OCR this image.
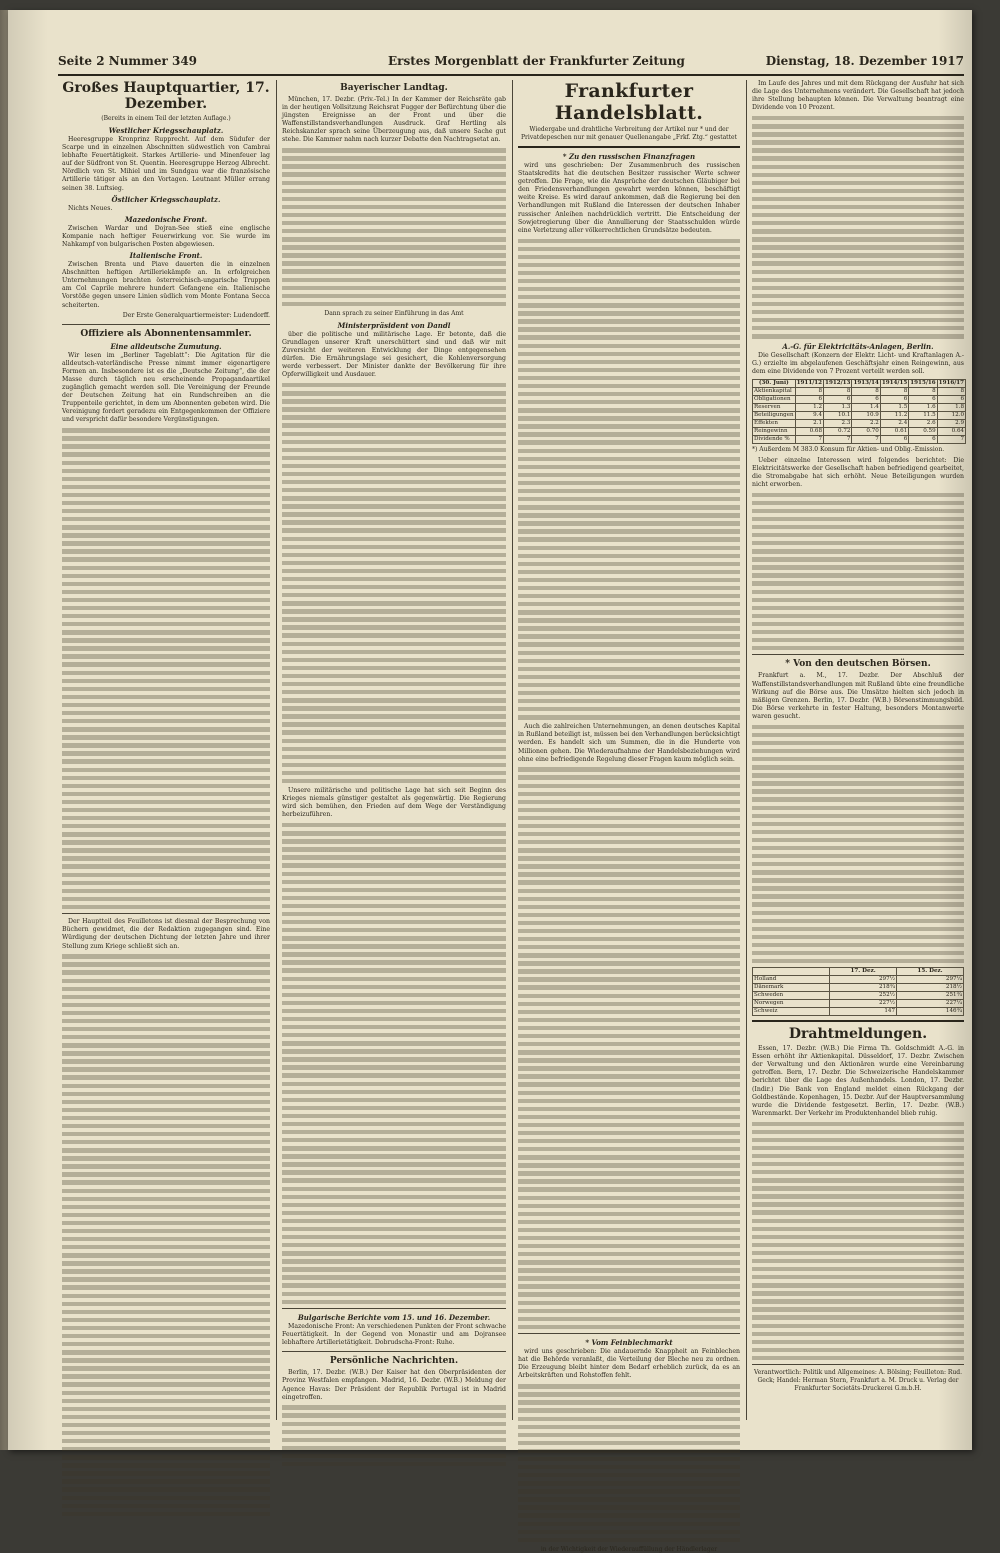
Seite 2 Nummer 349	Erstes Morgenblatt der Frankfurter Zeitung	Dienstag, 18. Dezember 1917
Großes Hauptquartier, 17. Dezember.
(Bereits in einem Teil der letzten Auflage.)
Westlicher Kriegsschauplatz.

Heeresgruppe Kronprinz Rupprecht. Auf dem Südufer der Scarpe und in einzelnen Abschnitten südwestlich von Cambrai lebhafte Feuertätigkeit. Starkes Artillerie- und Minenfeuer lag auf der Südfront von St. Quentin. Heeresgruppe Herzog Albrecht. Nördlich von St. Mihiel und im Sundgau war die französische Artillerie tätiger als an den Vortagen. Leutnant Müller errang seinen 38. Luftsieg.

Östlicher Kriegsschauplatz.

Nichts Neues.

Mazedonische Front.

Zwischen Wardar und Dojran-See stieß eine englische Kompanie nach heftiger Feuerwirkung vor. Sie wurde im Nahkampf von bulgarischen Posten abgewiesen.

Italienische Front.

Zwischen Brenta und Piave dauerten die in einzelnen Abschnitten heftigen Artilleriekämpfe an. In erfolgreichen Unternehmungen brachten österreichisch-ungarische Truppen am Col Caprile mehrere hundert Gefangene ein. Italienische Vorstöße gegen unsere Linien südlich vom Monte Fontana Secca scheiterten.

Der Erste Generalquartiermeister: Ludendorff.

Offiziere als Abonnentensammler.
Eine alldeutsche Zumutung.

Wir lesen im „Berliner Tageblatt“: Die Agitation für die alldeutsch-vaterländische Presse nimmt immer eigenartigere Formen an. Insbesondere ist es die „Deutsche Zeitung“, die der Masse durch täglich neu erscheinende Propagandaartikel zugänglich gemacht werden soll. Die Vereinigung der Freunde der Deutschen Zeitung hat ein Rundschreiben an die Truppenteile gerichtet, in dem um Abonnenten gebeten wird. Die Vereinigung fordert geradezu ein Entgegenkommen der Offiziere und verspricht dafür besondere Vergünstigungen.

Der Hauptteil des Feuilletons ist diesmal der Besprechung von Büchern gewidmet, die der Redaktion zugegangen sind. Eine Würdigung der deutschen Dichtung der letzten Jahre und ihrer Stellung zum Kriege schließt sich an.

Bayerischer Landtag.

München, 17. Dezbr. (Priv.-Tel.) In der Kammer der Reichsräte gab in der heutigen Vollsitzung Reichsrat Fugger der Befürchtung über die jüngsten Ereignisse an der Front und über die Waffenstillstandsverhandlungen Ausdruck. Graf Hertling als Reichskanzler sprach seine Überzeugung aus, daß unsere Sache gut stehe. Die Kammer nahm nach kurzer Debatte den Nachtragsetat an.

Dann sprach zu seiner Einführung in das Amt
Ministerpräsident von Dandl

über die politische und militärische Lage. Er betonte, daß die Grundlagen unserer Kraft unerschüttert sind und daß wir mit Zuversicht der weiteren Entwicklung der Dinge entgegensehen dürfen. Die Ernährungslage sei gesichert, die Kohlenversorgung werde verbessert. Der Minister dankte der Bevölkerung für ihre Opferwilligkeit und Ausdauer.

Unsere militärische und politische Lage hat sich seit Beginn des Krieges niemals günstiger gestaltet als gegenwärtig. Die Regierung wird sich bemühen, den Frieden auf dem Wege der Verständigung herbeizuführen.

Bulgarische Berichte vom 15. und 16. Dezember.

Mazedonische Front: An verschiedenen Punkten der Front schwache Feuertätigkeit. In der Gegend von Monastir und am Dojransee lebhaftere Artillerietätigkeit. Dobrudscha-Front: Ruhe.

Persönliche Nachrichten.

Berlin, 17. Dezbr. (W.B.) Der Kaiser hat den Oberpräsidenten der Provinz Westfalen empfangen. Madrid, 16. Dezbr. (W.B.) Meldung der Agence Havas: Der Präsident der Republik Portugal ist in Madrid eingetroffen.

Frankfurter Handelsblatt.
Wiedergabe und drahtliche Verbreitung der Artikel nur * und der Privatdepeschen nur mit genauer Quellenangabe „Frkf. Ztg.“ gestattet
* Zu den russischen Finanzfragen

wird uns geschrieben: Der Zusammenbruch des russischen Staatskredits hat die deutschen Besitzer russischer Werte schwer getroffen. Die Frage, wie die Ansprüche der deutschen Gläubiger bei den Friedensverhandlungen gewahrt werden können, beschäftigt weite Kreise. Es wird darauf ankommen, daß die Regierung bei den Verhandlungen mit Rußland die Interessen der deutschen Inhaber russischer Anleihen nachdrücklich vertritt. Die Entscheidung der Sowjetregierung über die Annullierung der Staatsschulden würde eine Verletzung aller völkerrechtlichen Grundsätze bedeuten.

Auch die zahlreichen Unternehmungen, an denen deutsches Kapital in Rußland beteiligt ist, müssen bei den Verhandlungen berücksichtigt werden. Es handelt sich um Summen, die in die Hunderte von Millionen gehen. Die Wiederaufnahme der Handelsbeziehungen wird ohne eine befriedigende Regelung dieser Fragen kaum möglich sein.

* Vom Feinblechmarkt

wird uns geschrieben: Die andauernde Knappheit an Feinblechen hat die Behörde veranlaßt, die Verteilung der Bleche neu zu ordnen. Die Erzeugung bleibt hinter dem Bedarf erheblich zurück, da es an Arbeitskräften und Rohstoffen fehlt.

in der Wichtigkeit der Wiederauffüllung der Händlerlager

Im Laufe des Jahres und mit dem Rückgang der Ausfuhr hat sich die Lage des Unternehmens verändert. Die Gesellschaft hat jedoch ihre Stellung behaupten können. Die Verwaltung beantragt eine Dividende von 10 Prozent.

A.-G. für Elektricitäts-Anlagen, Berlin.

Die Gesellschaft (Konzern der Elektr. Licht- und Kraftanlagen A.-G.) erzielte im abgelaufenen Geschäftsjahr einen Reingewinn, aus dem eine Dividende von 7 Prozent verteilt werden soll.

(30. Juni)	1911/12	1912/13	1913/14	1914/15	1915/16	1916/17
Aktienkapital	8	8	8	8	8	8
Obligationen	6	6	6	6	6	6
Reserven	1.2	1.3	1.4	1.5	1.6	1.8
Beteiligungen	9.4	10.1	10.9	11.2	11.5	12.0
Effekten	2.1	2.3	2.2	2.4	2.6	2.9
Reingewinn	0.68	0.72	0.70	0.61	0.59	0.64
Dividende %	7	7	7	6	6	7
*) Außerdem M 383.0 Konsum für Aktien- und Oblig.-Emission.

Ueber einzelne Interessen wird folgendes berichtet: Die Elektricitätswerke der Gesellschaft haben befriedigend gearbeitet, die Stromabgabe hat sich erhöht. Neue Beteiligungen wurden nicht erworben.

* Von den deutschen Börsen.

Frankfurt a. M., 17. Dezbr. Der Abschluß der Waffenstillstandsverhandlungen mit Rußland übte eine freundliche Wirkung auf die Börse aus. Die Umsätze hielten sich jedoch in mäßigen Grenzen. Berlin, 17. Dezbr. (W.B.) Börsenstimmungsbild. Die Börse verkehrte in fester Haltung, besonders Montanwerte waren gesucht.

	17. Dez.	15. Dez.
Holland	297½	297¼
Dänemark	218¾	218½
Schweden	252½	251¾
Norwegen	227½	227¼
Schweiz	147	146¾
Drahtmeldungen.

Essen, 17. Dezbr. (W.B.) Die Firma Th. Goldschmidt A.-G. in Essen erhöht ihr Aktienkapital. Düsseldorf, 17. Dezbr. Zwischen der Verwaltung und den Aktionären wurde eine Vereinbarung getroffen. Bern, 17. Dezbr. Die Schweizerische Handelskammer berichtet über die Lage des Außenhandels. London, 17. Dezbr. (Indir.) Die Bank von England meldet einen Rückgang der Goldbestände. Kopenhagen, 15. Dezbr. Auf der Hauptversammlung wurde die Dividende festgesetzt. Berlin, 17. Dezbr. (W.B.) Warenmarkt. Der Verkehr im Produktenhandel blieb ruhig.

Verantwortlich: Politik und Allgemeines: A. Bölsing; Feuilleton: Rud. Geck; Handel: Herman Stern, Frankfurt a. M. Druck u. Verlag der Frankfurter Societäts-Druckerei G.m.b.H.
